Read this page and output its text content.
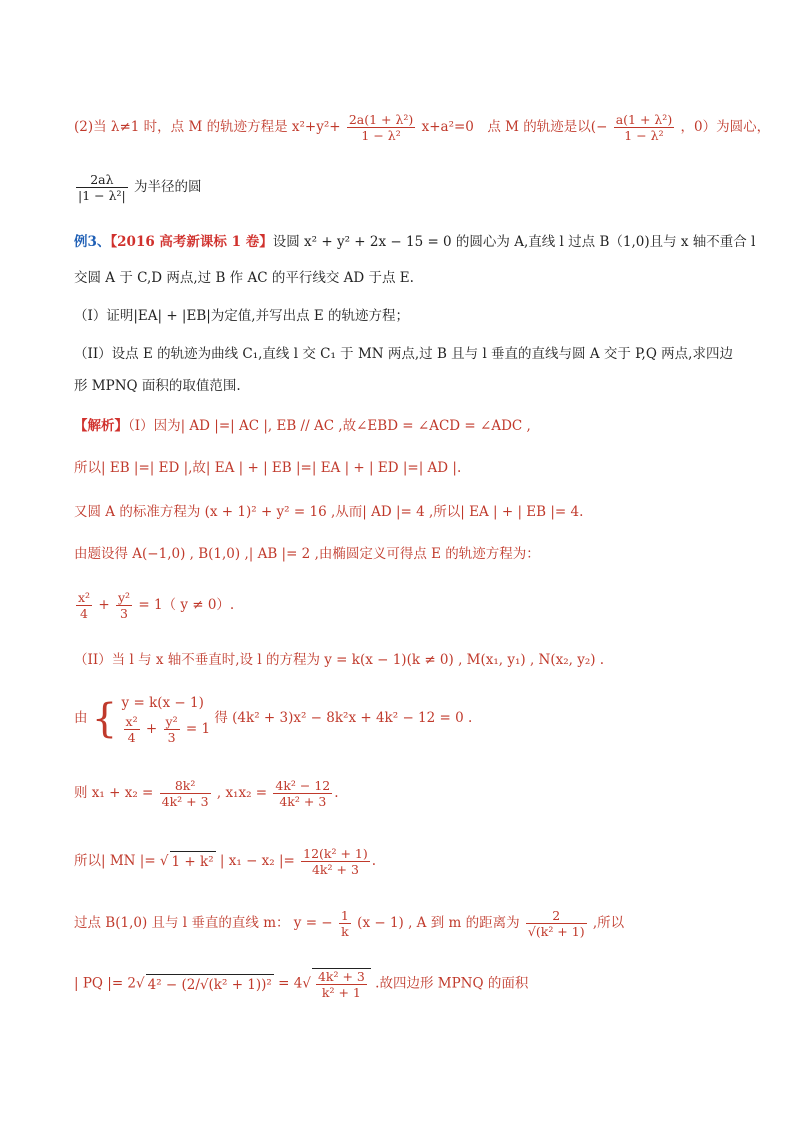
(2)当 λ≠1 时，点 M 的轨迹方程是 $x^2+y^2+ \frac{\text{2a(1 + λ²)}}{\text{1 − λ²}} x+a^2=0$　点 M 的轨迹是以(− $\frac{\text{a(1 + λ²)}}{\text{1 − λ²}}$ ，0）为圆心，
$\frac{2a\lambda}{\text{|1 − λ²|}}$ 为半径的圆
例3、【2016 高考新课标 1 卷】设圆 x² + y² + 2x − 15 = 0 的圆心为 A,直线 l 过点 B（1,0)且与 x 轴不重合 l
交圆 A 于 C,D 两点,过 B 作 AC 的平行线交 AD 于点 E.
（I）证明|EA| + |EB|为定值,并写出点 E 的轨迹方程；
（II）设点 E 的轨迹为曲线 C₁,直线 l 交 C₁ 于 MN 两点,过 B 且与 l 垂直的直线与圆 A 交于 P,Q 两点,求四边
形 MPNQ 面积的取值范围.
【解析】（I）因为| AD |=| AC |, EB // AC ,故∠EBD = ∠ACD = ∠ADC ,
所以| EB |=| ED |,故| EA | + | EB |=| EA | + | ED |=| AD |.
又圆 A 的标准方程为 (x + 1)² + y² = 16 ,从而| AD |= 4 ,所以| EA | + | EB |= 4.
由题设得 A(−1,0) , B(1,0) ,| AB |= 2 ,由椭圆定义可得点 E 的轨迹方程为：
$\frac{\text{x²}}{4} + \frac{\text{y²}}{3} = 1$（ y ≠ 0）.
（II）当 l 与 x 轴不垂直时,设 l 的方程为 y = k(x − 1)(k ≠ 0) , M(x₁, y₁) , N(x₂, y₂) .
由 { y = k(x − 1)
$\frac{\text{x²}}{4} + \frac{\text{y²}}{3} = 1$
得 (4k² + 3)x² − 8k²x + 4k² − 12 = 0 .
则 $x_1 + x_2 = \frac{\text{8k²}}{\text{4k² + 3}}$ , $x_1x_2 = \frac{\text{4k² − 12}}{\text{4k² + 3}}$ .
所以| MN |= √ 1 + k² | x₁ − x₂ |= $\frac{\text{12(k² + 1)}}{\text{4k² + 3}}$ .
过点 B(1,0) 且与 l 垂直的直线 m： y = − $\frac{1}{k} (x - 1)$ , A 到 m 的距离为 $\frac{2}{\text{√(k² + 1)}}$ ,所以
| PQ |= 2√ $4^2 - (2/√(k^2 + 1))^2 = 4√ \frac{\text{4k² + 3}}{\text{k² + 1}}$ .故四边形 MPNQ 的面积
